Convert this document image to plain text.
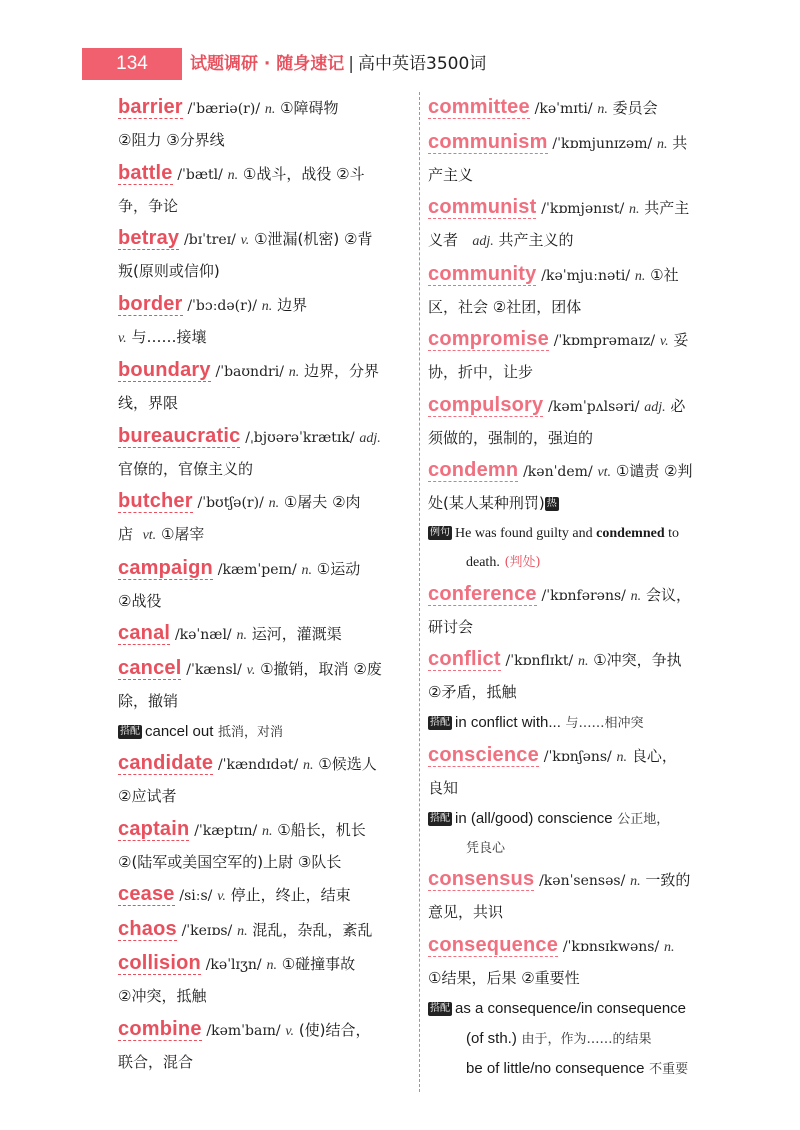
134	试题调研 · 随身速记 | 高中英语3500词
barrier /ˈbæriə(r)/ n. ①障碍物
②阻力 ③分界线
battle /ˈbætl/ n. ①战斗，战役 ②斗
争，争论
betray /bɪˈtreɪ/ v. ①泄漏(机密) ②背
叛(原则或信仰)
border /ˈbɔːdə(r)/ n. 边界
v. 与……接壤
boundary /ˈbaʊndri/ n. 边界，分界
线，界限
bureaucratic /ˌbjʊərəˈkrætɪk/ adj.
官僚的，官僚主义的
butcher /ˈbʊtʃə(r)/ n. ①屠夫 ②肉
店 vt. ①屠宰
campaign /kæmˈpeɪn/ n. ①运动
②战役
canal /kəˈnæl/ n. 运河，灌溉渠
cancel /ˈkænsl/ v. ①撤销，取消 ②废
除，撤销
搭配 cancel out 抵消，对消
candidate /ˈkændɪdət/ n. ①候选人
②应试者
captain /ˈkæptɪn/ n. ①船长，机长
②(陆军或美国空军的)上尉 ③队长
cease /siːs/ v. 停止，终止，结束
chaos /ˈkeɪɒs/ n. 混乱，杂乱，紊乱
collision /kəˈlɪʒn/ n. ①碰撞事故
②冲突，抵触
combine /kəmˈbaɪn/ v. (使)结合，
联合，混合
committee /kəˈmɪti/ n. 委员会
communism /ˈkɒmjunɪzəm/ n. 共
产主义
communist /ˈkɒmjənɪst/ n. 共产主
义者 adj. 共产主义的
community /kəˈmjuːnəti/ n. ①社
区，社会 ②社团，团体
compromise /ˈkɒmprəmaɪz/ v. 妥
协，折中，让步
compulsory /kəmˈpʌlsəri/ adj. 必
须做的，强制的，强迫的
condemn /kənˈdem/ vt. ①谴责 ②判
处(某人某种刑罚) 热
例句 He was found guilty and condemned to
death. (判处)
conference /ˈkɒnfərəns/ n. 会议，
研讨会
conflict /ˈkɒnflɪkt/ n. ①冲突，争执
②矛盾，抵触
搭配 in conflict with... 与……相冲突
conscience /ˈkɒnʃəns/ n. 良心，
良知
搭配 in (all/good) conscience 公正地，
凭良心
consensus /kənˈsensəs/ n. 一致的
意见，共识
consequence /ˈkɒnsɪkwəns/ n.
①结果，后果 ②重要性
搭配 as a consequence/in consequence
(of sth.) 由于，作为……的结果
be of little/no consequence 不重要
